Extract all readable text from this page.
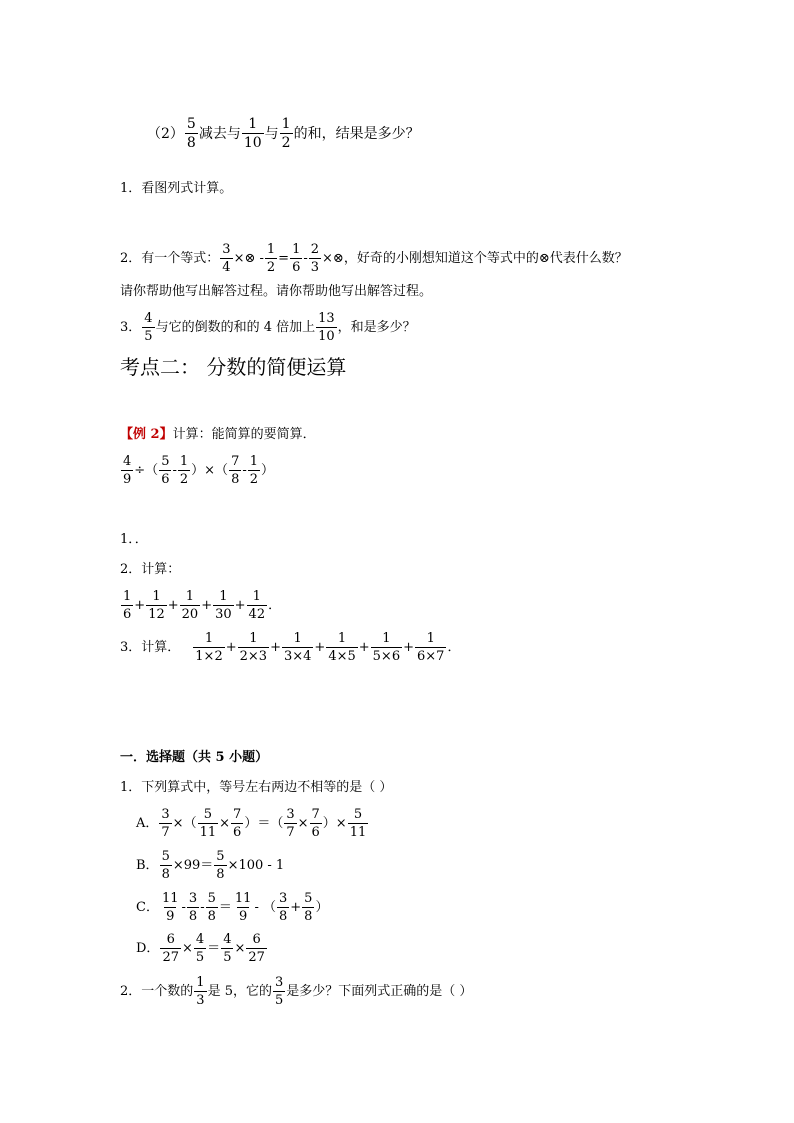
$(2) \frac{5}{8}$ 减去与 $\frac{1}{10}$ 与 $\frac{1}{2}$ 的和，结果是多少？
1．看图列式计算。
2．有一个等式： $\frac{3}{4}$ ×⊗ - $\frac{1}{2} = \frac{1}{6} - \frac{2}{3}$ ×⊗，好奇的小刚想知道这个等式中的⊗代表什么数？
请你帮助他写出解答过程。请你帮助他写出解答过程。
3． $\frac{4}{5}$ 与它的倒数的和的 4 倍加上 $\frac{13}{10}$ ，和是多少？
考点二： 分数的简便运算
【例 2】 计算：能简算的要简算．
$\frac{4}{9}$ ÷（ $\frac{5}{6} - \frac{1}{2}$ ）×（ $\frac{7}{8} - \frac{1}{2}$ ）
1．．
2．计算：
$\frac{1}{6} + \frac{1}{12} + \frac{1}{20} + \frac{1}{30} + \frac{1}{42}$ ．
3．计算． $\frac{1}{1\times 2} + \frac{1}{2\times 3} + \frac{1}{3\times 4} + \frac{1}{4\times 5} + \frac{1}{5\times 6} + \frac{1}{6\times 7}$ ．
一．选择题（共 5 小题）
1．下列算式中，等号左右两边不相等的是（ ）
A． $\frac{3}{7}$ ×（ $\frac{5}{11} \times \frac{7}{6}$ ）＝（ $\frac{3}{7} \times \frac{7}{6}$ ）× $\frac{5}{11}$
B． $\frac{5}{8} \times 99= \frac{5}{8} \times 100 - 1$
C． $\frac{11}{9} - \frac{3}{8} - \frac{5}{8} = \frac{11}{9}$ - （ $\frac{3}{8} + \frac{5}{8}$ ）
D． $\frac{6}{27} \times \frac{4}{5} = \frac{4}{5} \times \frac{6}{27}$
2．一个数的 $\frac{1}{3}$ 是 5，它的 $\frac{3}{5}$ 是多少？下面列式正确的是（ ）
